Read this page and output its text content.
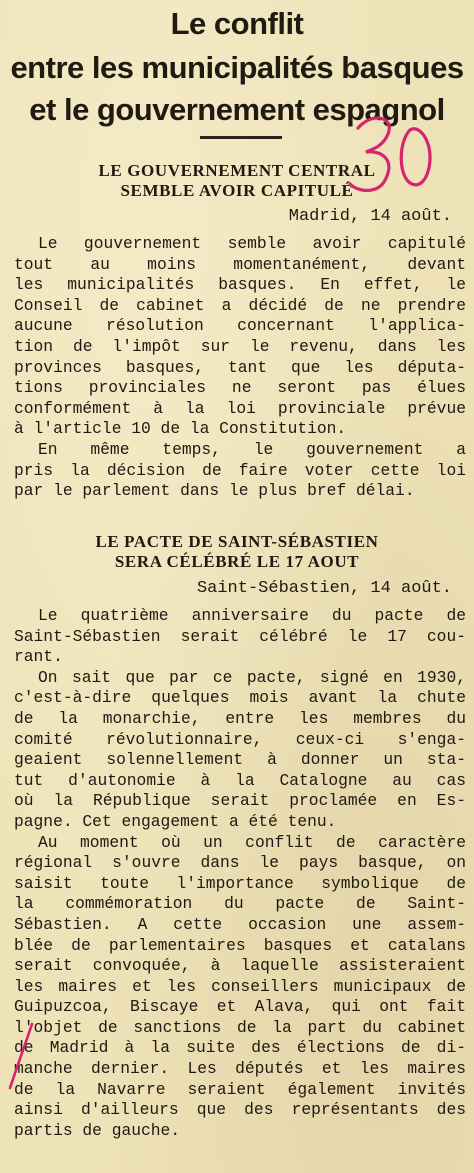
Le conflit
entre les municipalités basques
et le gouvernement espagnol
LE GOUVERNEMENT CENTRAL
SEMBLE AVOIR CAPITULÉ
Madrid, 14 août.
Le gouvernement semble avoir capitulé
tout au moins momentanément, devant
les municipalités basques. En effet, le
Conseil de cabinet a décidé de ne prendre
aucune résolution concernant l'applica-
tion de l'impôt sur le revenu, dans les
provinces basques, tant que les députa-
tions provinciales ne seront pas élues
conformément à la loi provinciale prévue
à l'article 10 de la Constitution.
En même temps, le gouvernement a
pris la décision de faire voter cette loi
par le parlement dans le plus bref délai.
LE PACTE DE SAINT-SÉBASTIEN
SERA CÉLÉBRÉ LE 17 AOUT
Saint-Sébastien, 14 août.
Le quatrième anniversaire du pacte de
Saint-Sébastien serait célébré le 17 cou-
rant.
On sait que par ce pacte, signé en 1930,
c'est-à-dire quelques mois avant la chute
de la monarchie, entre les membres du
comité révolutionnaire, ceux-ci s'enga-
geaient solennellement à donner un sta-
tut d'autonomie à la Catalogne au cas
où la République serait proclamée en Es-
pagne. Cet engagement a été tenu.
Au moment où un conflit de caractère
régional s'ouvre dans le pays basque, on
saisit toute l'importance symbolique de
la commémoration du pacte de Saint-
Sébastien. A cette occasion une assem-
blée de parlementaires basques et catalans
serait convoquée, à laquelle assisteraient
les maires et les conseillers municipaux de
Guipuzcoa, Biscaye et Alava, qui ont fait
l'objet de sanctions de la part du cabinet
de Madrid à la suite des élections de di-
manche dernier. Les députés et les maires
de la Navarre seraient également invités
ainsi d'ailleurs que des représentants des
partis de gauche.
